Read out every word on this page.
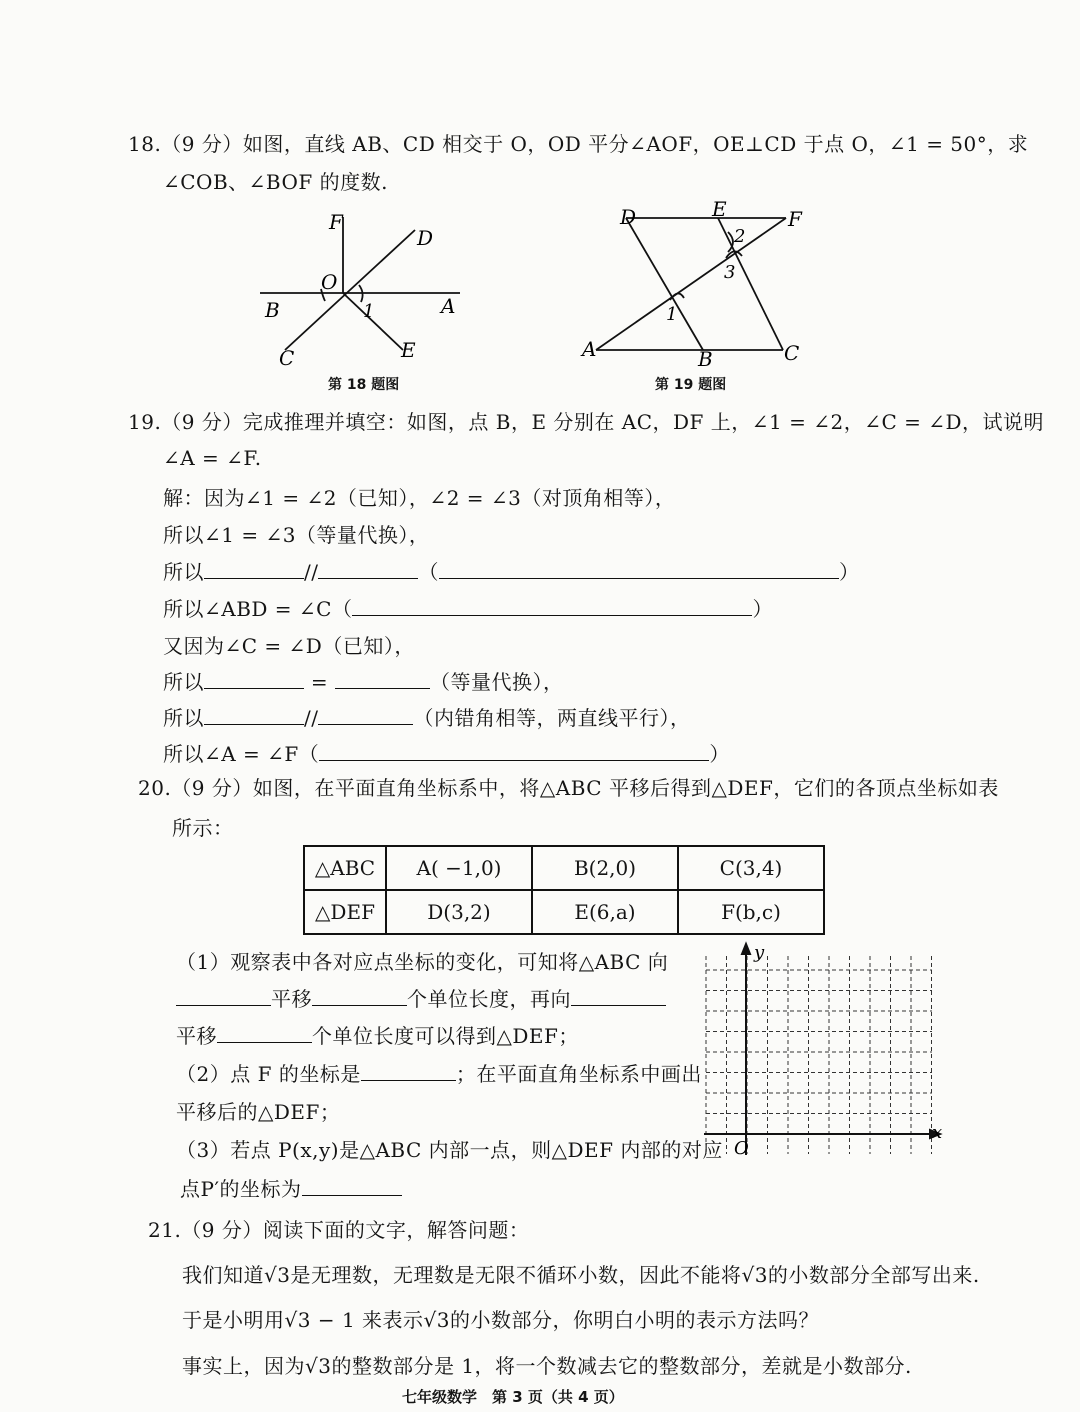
18.（9 分）如图，直线 AB、CD 相交于 O，OD 平分∠AOF，OE⊥CD 于点 O，∠1 = 50°，求
∠COB、∠BOF 的度数.
F
D
O
B	A
1
C	E
第 18 题图
D	E	F
2
3
1
A	B	C
第 19 题图
19.（9 分）完成推理并填空：如图，点 B，E 分别在 AC，DF 上，∠1 = ∠2，∠C = ∠D，试说明
∠A = ∠F.
解：因为∠1 = ∠2（已知），∠2 = ∠3（对顶角相等），
所以∠1 = ∠3（等量代换），
所以	//	（	）
所以∠ABD = ∠C（	）
又因为∠C = ∠D（已知），
所以	=	（等量代换），
所以	//	（内错角相等，两直线平行），
所以∠A = ∠F（	）
20.（9 分）如图，在平面直角坐标系中，将△ABC 平移后得到△DEF，它们的各顶点坐标如表
所示：
△ABC	A( −1,0)	B(2,0)	C(3,4)
△DEF	D(3,2)	E(6,a)	F(b,c)
（1）观察表中各对应点坐标的变化，可知将△ABC 向
平移	个单位长度，再向
平移	个单位长度可以得到△DEF；
（2）点 F 的坐标是	；在平面直角坐标系中画出
平移后的△DEF；
（3）若点 P(x,y)是△ABC 内部一点，则△DEF 内部的对应
点P′的坐标为
y
x
O
21.（9 分）阅读下面的文字，解答问题：
我们知道√3是无理数，无理数是无限不循环小数，因此不能将√3的小数部分全部写出来.
于是小明用√3 − 1 来表示√3的小数部分，你明白小明的表示方法吗？
事实上，因为√3的整数部分是 1，将一个数减去它的整数部分，差就是小数部分.
七年级数学　第 3 页（共 4 页）
